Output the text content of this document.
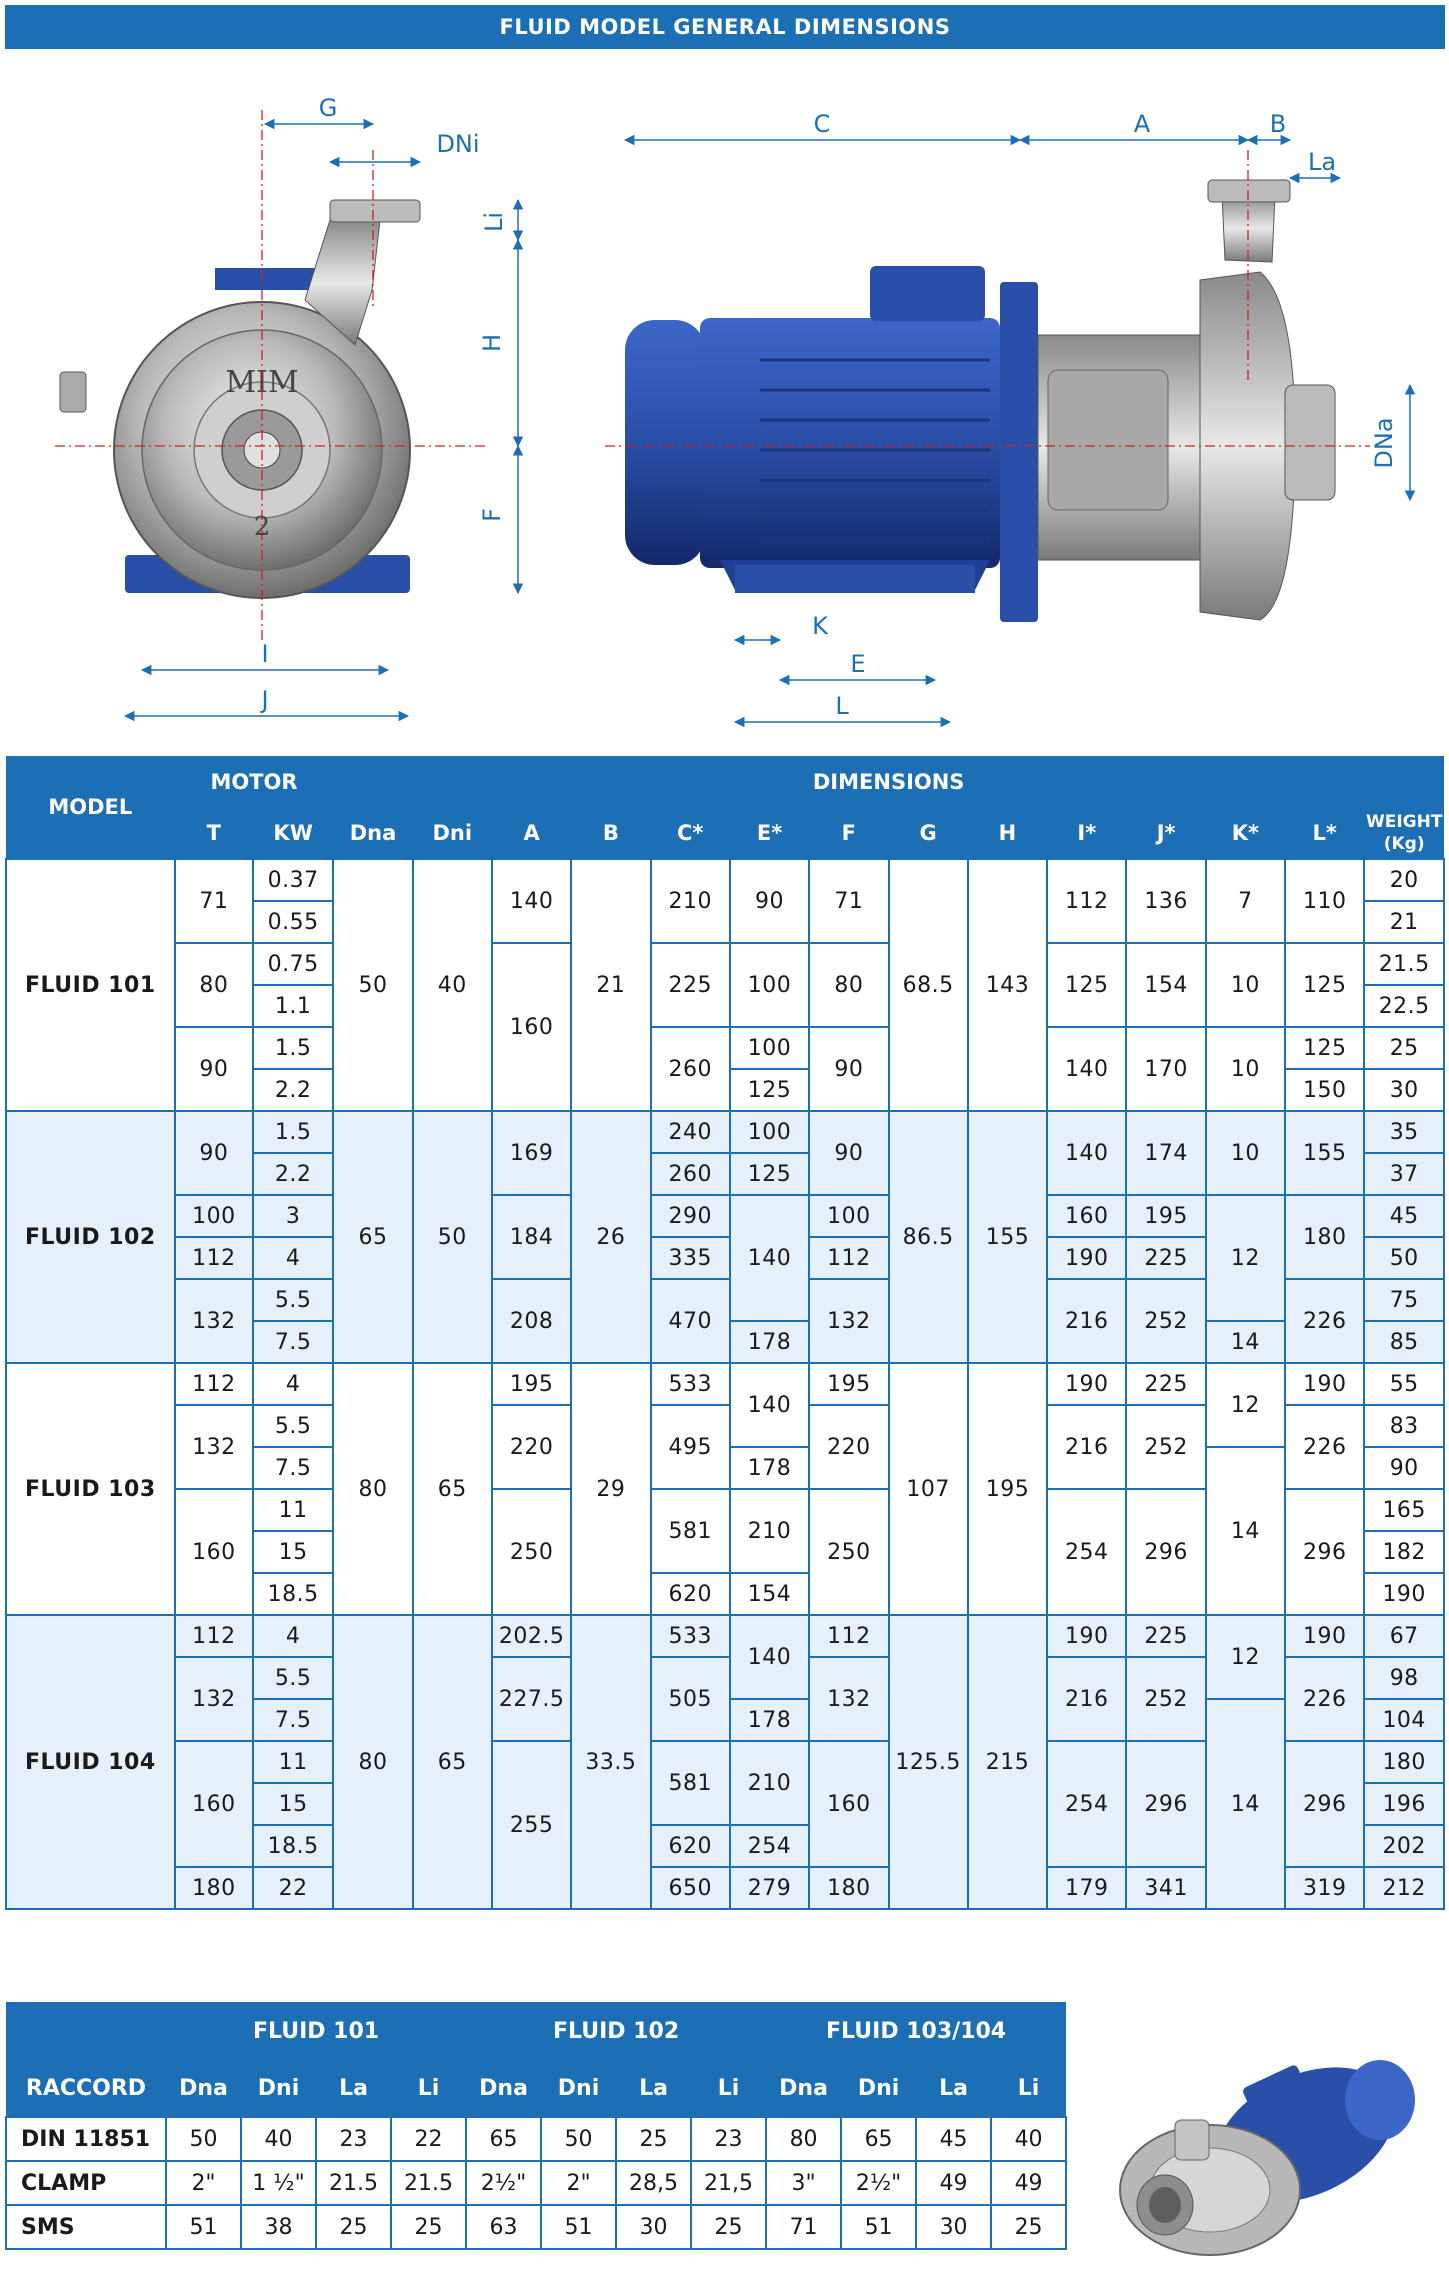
FLUID MODEL GENERAL DIMENSIONS
MIM
2
G
DNi
Li
H
F
I
J
C	A	B
La
DNa
K
E
L
MODEL	MOTOR		DIMENSIONS													
	T	KW	Dna	Dni	A	B	C*	E*	F	G	H	I*	J*	K*	L*	WEIGHT
(Kg)
FLUID 101	71	0.37	50	40	140	21	210	90	71	68.5	143	112	136	7	110	20
		0.55														21
	80	0.75			160		225	100	80			125	154	10	125	21.5
		1.1														22.5
	90	1.5					260	100	90			140	170	10	125	25
		2.2						125							150	30
FLUID 102	90	1.5	65	50	169	26	240	100	90	86.5	155	140	174	10	155	35
		2.2					260	125								37
	100	3			184		290	140	100			160	195	12	180	45
	112	4					335		112			190	225			50
	132	5.5			208		470		132			216	252		226	75
		7.5						178						14		85
FLUID 103	112	4	80	65	195	29	533	140	195	107	195	190	225	12	190	55
	132	5.5			220		495		220			216	252		226	83
		7.5						178						14		90
	160	11			250		581	210	250			254	296		296	165
		15														182
		18.5					620	154								190
FLUID 104	112	4	80	65	202.5	33.5	533	140	112	125.5	215	190	225	12	190	67
	132	5.5			227.5		505		132			216	252		226	98
		7.5						178						14		104
	160	11			255		581	210	160			254	296		296	180
		15														196
		18.5					620	254								202
	180	22					650	279	180			179	341		319	212
	FLUID 101				FLUID 102				FLUID 103/104			
RACCORD	Dna	Dni	La	Li	Dna	Dni	La	Li	Dna	Dni	La	Li
DIN 11851	50	40	23	22	65	50	25	23	80	65	45	40
CLAMP	2"	1 ½"	21.5	21.5	2½"	2"	28,5	21,5	3"	2½"	49	49
SMS	51	38	25	25	63	51	30	25	71	51	30	25
